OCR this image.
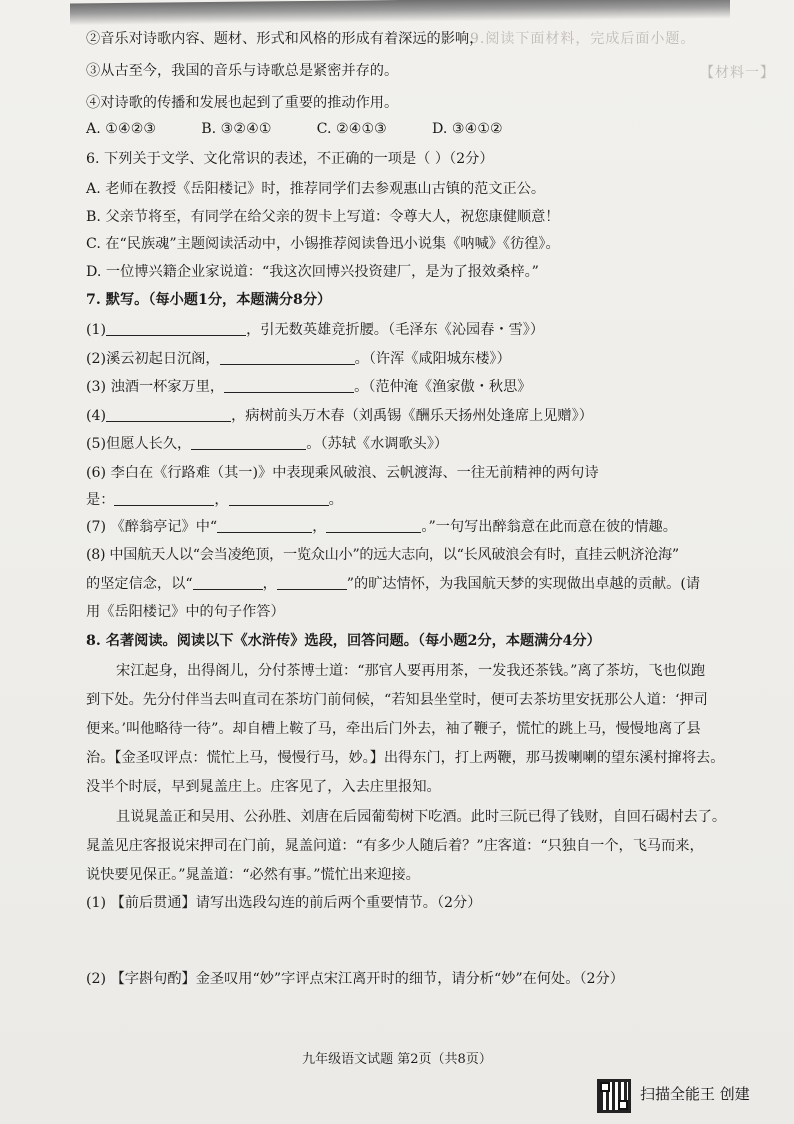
9.阅读下面材料，完成后面小题。
【材料一】
②音乐对诗歌内容、题材、形式和风格的形成有着深远的影响，
③从古至今，我国的音乐与诗歌总是紧密并存的。
④对诗歌的传播和发展也起到了重要的推动作用。
A. ①④②③          B. ③②④①          C. ②④①③          D. ③④①②
6. 下列关于文学、文化常识的表述，不正确的一项是（ ）（2分）
A. 老师在教授《岳阳楼记》时，推荐同学们去参观惠山古镇的范文正公。
B. 父亲节将至，有同学在给父亲的贺卡上写道：令尊大人，祝您康健顺意！
C. 在“民族魂”主题阅读活动中，小锡推荐阅读鲁迅小说集《呐喊》《彷徨》。
D. 一位博兴籍企业家说道：“我这次回博兴投资建厂，是为了报效桑梓。”
7. 默写。（每小题1分，本题满分8分）
(1)	，引无数英雄竞折腰。（毛泽东《沁园春・雪》）
(2)溪云初起日沉阁，	。（许浑《咸阳城东楼》）
(3) 浊酒一杯家万里，	。（范仲淹《渔家傲・秋思》
(4)	，病树前头万木春（刘禹锡《酬乐天扬州处逢席上见赠》）
(5)但愿人长久，	。（苏轼《水调歌头》）
(6) 李白在《行路难（其一)》中表现乘风破浪、云帆渡海、一往无前精神的两句诗
是：	，	。
(7) 《醉翁亭记》中“	，	。”一句写出醉翁意在此而意在彼的情趣。
(8) 中国航天人以“会当凌绝顶，一览众山小”的远大志向，以“长风破浪会有时，直挂云帆济沧海”
的坚定信念，以“	，	”的旷达情怀，为我国航天梦的实现做出卓越的贡献。(请
用《岳阳楼记》中的句子作答）
8. 名著阅读。阅读以下《水浒传》选段，回答问题。（每小题2分，本题满分4分）
宋江起身，出得阁儿，分付茶博士道：“那官人要再用茶，一发我还茶钱。”离了茶坊，飞也似跑
到下处。先分付伴当去叫直司在茶坊门前伺候，“若知县坐堂时，便可去茶坊里安抚那公人道：‘押司
便来。’叫他略待一待”。却自槽上鞍了马，牵出后门外去，袖了鞭子，慌忙的跳上马，慢慢地离了县
治。【金圣叹评点：慌忙上马，慢慢行马，妙。】出得东门，打上两鞭，那马拨喇喇的望东溪村撺将去。
没半个时辰，早到晁盖庄上。庄客见了，入去庄里报知。
且说晁盖正和吴用、公孙胜、刘唐在后园葡萄树下吃酒。此时三阮已得了钱财，自回石碣村去了。
晁盖见庄客报说宋押司在门前，晁盖问道：“有多少人随后着？”庄客道：“只独自一个，飞马而来，
说快要见保正。”晁盖道：“必然有事。”慌忙出来迎接。
(1) 【前后贯通】请写出选段勾连的前后两个重要情节。（2分）
(2) 【字斟句酌】金圣叹用“妙”字评点宋江离开时的细节，请分析“妙”在何处。（2分）
九年级语文试题 第2页（共8页）
扫描全能王 创建
